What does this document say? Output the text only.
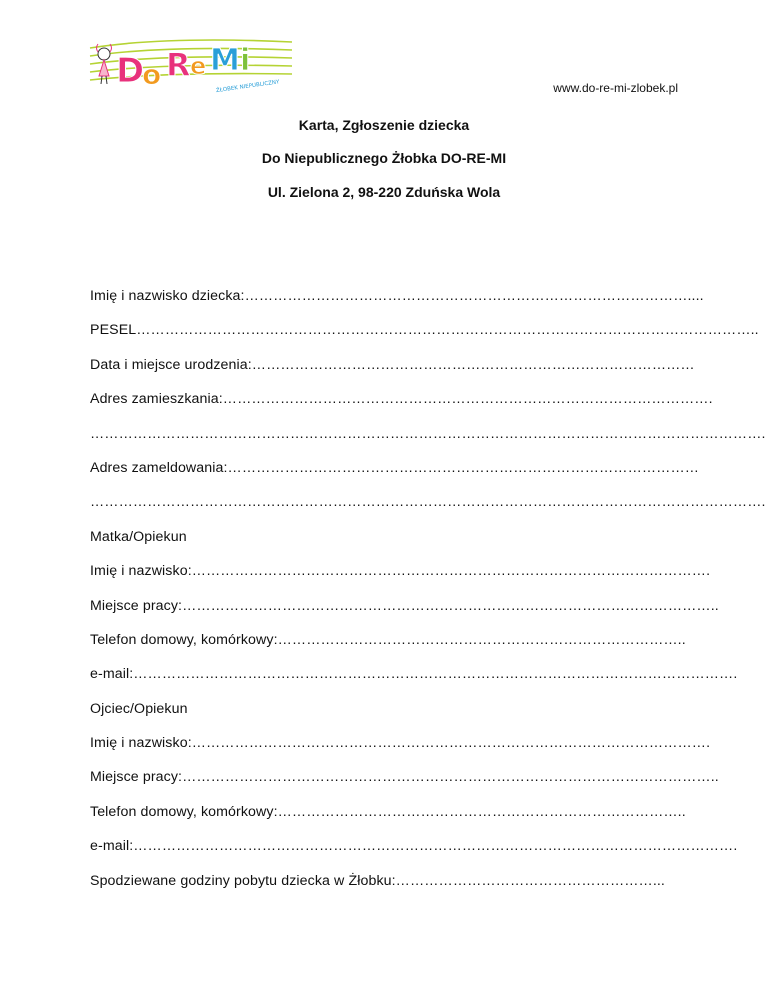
D
o R e M i
ŻŁOBEK NIEPUBLICZNY	www.do-re-mi-zlobek.pl
Karta, Zgłoszenie dziecka
Do Niepublicznego Żłobka DO-RE-MI
Ul. Zielona 2, 98-220 Zduńska Wola
Imię i nazwisko dziecka:…………………………………………………………………………………....
PESEL…………………………………………………………………………………………………………………..
Data i miejsce urodzenia:…………………………………………………………………………………
Adres zamieszkania:………………………………………………………………………………………….
…………………………………………………………………………………………………………………………….
Adres zameldowania:………………………………………………………………………………………
…………………………………………………………………………………………………………………………….
Matka/Opiekun
Imię i nazwisko:……………………………………………………………………………………………….
Miejsce pracy:…………………………………………………………………………………………………..
Telefon domowy, komórkowy:…………………………………………………………………………..
e-mail:……………………………………………………………………………………………………………….
Ojciec/Opiekun
Imię i nazwisko:……………………………………………………………………………………………….
Miejsce pracy:…………………………………………………………………………………………………..
Telefon domowy, komórkowy:…………………………………………………………………………..
e-mail:……………………………………………………………………………………………………………….
Spodziewane godziny pobytu dziecka w Żłobku:………………………………………………...
